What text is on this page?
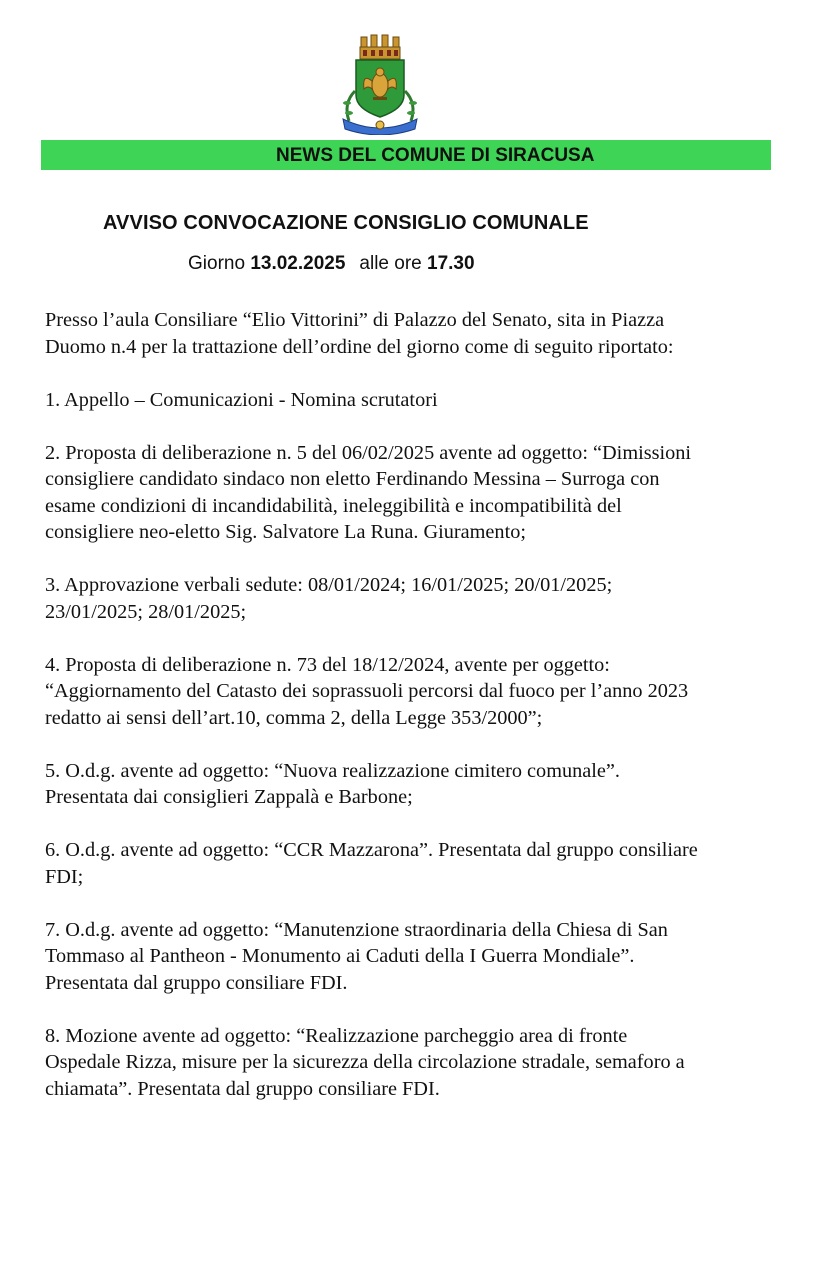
NEWS DEL COMUNE DI SIRACUSA
AVVISO CONVOCAZIONE CONSIGLIO COMUNALE
Giorno 13.02.2025 alle ore 17.30

Presso l’aula Consiliare “Elio Vittorini” di Palazzo del Senato, sita in Piazza
Duomo n.4 per la trattazione dell’ordine del giorno come di seguito riportato:

1. Appello – Comunicazioni - Nomina scrutatori

2. Proposta di deliberazione n. 5 del 06/02/2025 avente ad oggetto: “Dimissioni
consigliere candidato sindaco non eletto Ferdinando Messina – Surroga con
esame condizioni di incandidabilità, ineleggibilità e incompatibilità del
consigliere neo-eletto Sig. Salvatore La Runa. Giuramento;

3. Approvazione verbali sedute: 08/01/2024; 16/01/2025; 20/01/2025;
23/01/2025; 28/01/2025;

4. Proposta di deliberazione n. 73 del 18/12/2024, avente per oggetto:
“Aggiornamento del Catasto dei soprassuoli percorsi dal fuoco per l’anno 2023
redatto ai sensi dell’art.10, comma 2, della Legge 353/2000”;

5. O.d.g. avente ad oggetto: “Nuova realizzazione cimitero comunale”.
Presentata dai consiglieri Zappalà e Barbone;

6. O.d.g. avente ad oggetto: “CCR Mazzarona”. Presentata dal gruppo consiliare
FDI;

7. O.d.g. avente ad oggetto: “Manutenzione straordinaria della Chiesa di San
Tommaso al Pantheon - Monumento ai Caduti della I Guerra Mondiale”.
Presentata dal gruppo consiliare FDI.

8. Mozione avente ad oggetto: “Realizzazione parcheggio area di fronte
Ospedale Rizza, misure per la sicurezza della circolazione stradale, semaforo a
chiamata”. Presentata dal gruppo consiliare FDI.
